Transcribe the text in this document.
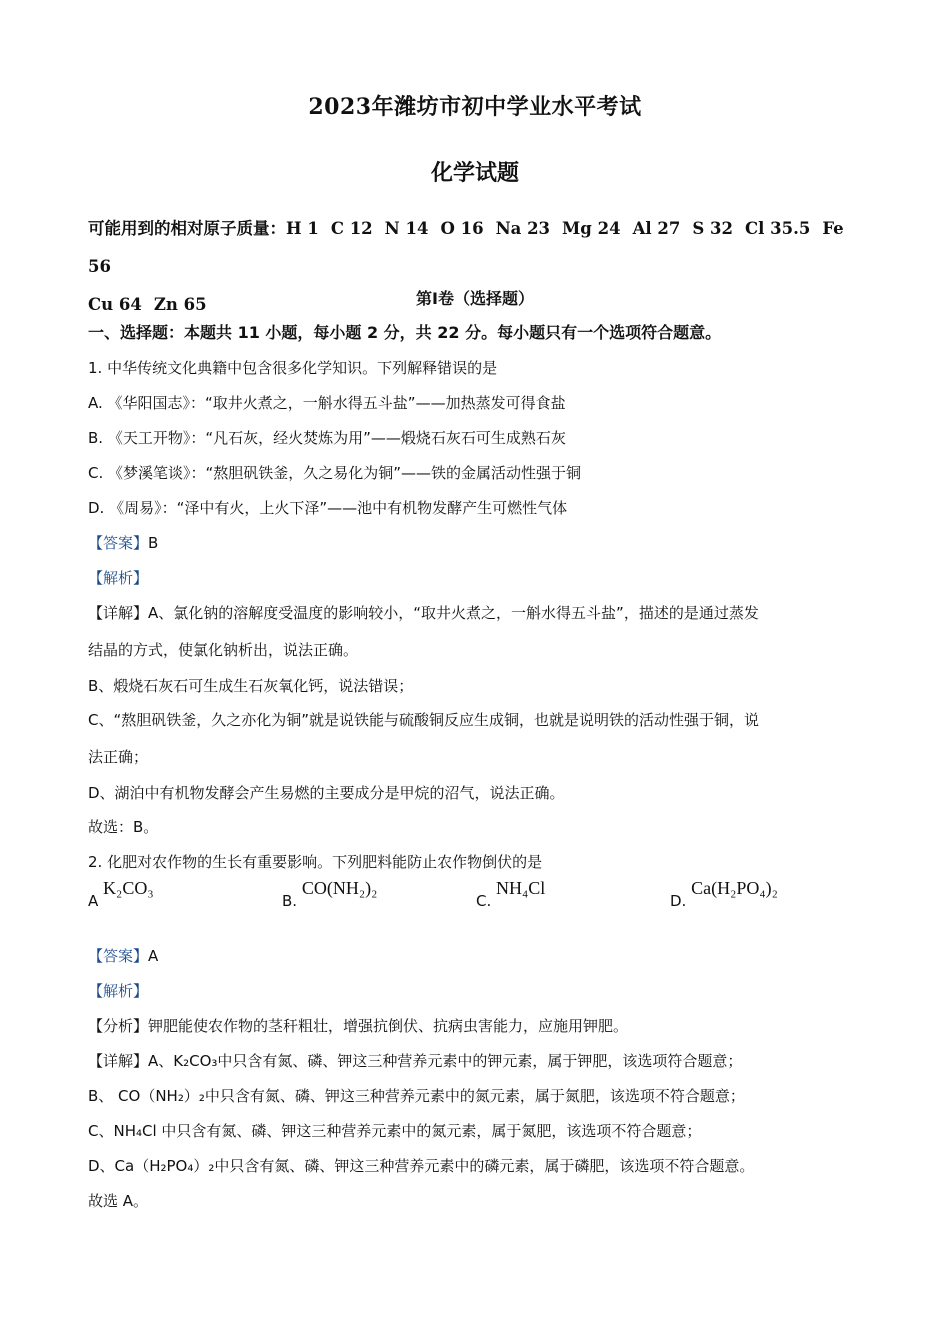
2023年潍坊市初中学业水平考试
化学试题
可能用到的相对原子质量：H 1 C 12 N 14 O 16 Na 23 Mg 24 Al 27 S 32 Cl 35.5 Fe 56
Cu 64 Zn 65	第Ⅰ卷（选择题）
一、选择题：本题共 11 小题，每小题 2 分，共 22 分。每小题只有一个选项符合题意。
1. 中华传统文化典籍中包含很多化学知识。下列解释错误的是
A. 《华阳国志》：“取井火煮之，一斛水得五斗盐”——加热蒸发可得食盐
B. 《天工开物》：“凡石灰，经火焚炼为用”——煅烧石灰石可生成熟石灰
C. 《梦溪笔谈》：“熬胆矾铁釜，久之易化为铜”——铁的金属活动性强于铜
D. 《周易》：“泽中有火，上火下泽”——池中有机物发酵产生可燃性气体
【答案】B
【解析】
【详解】A、氯化钠的溶解度受温度的影响较小，“取井火煮之，一斛水得五斗盐”，描述的是通过蒸发
结晶的方式，使氯化钠析出，说法正确。
B、煅烧石灰石可生成生石灰氧化钙，说法错误；
C、“熬胆矾铁釜，久之亦化为铜”就是说铁能与硫酸铜反应生成铜，也就是说明铁的活动性强于铜，说
法正确；
D、湖泊中有机物发酵会产生易燃的主要成分是甲烷的沼气，说法正确。
故选：B。
2. 化肥对农作物的生长有重要影响。下列肥料能防止农作物倒伏的是
A K₂CO₃
B. CO(NH₂)₂
C. NH₄Cl
D. Ca(H₂PO₄)₂
【答案】A
【解析】
【分析】钾肥能使农作物的茎秆粗壮，增强抗倒伏、抗病虫害能力，应施用钾肥。
【详解】A、K₂CO₃中只含有氮、磷、钾这三种营养元素中的钾元素，属于钾肥，该选项符合题意；
B、 CO（NH₂）₂中只含有氮、磷、钾这三种营养元素中的氮元素，属于氮肥，该选项不符合题意；
C、NH₄Cl 中只含有氮、磷、钾这三种营养元素中的氮元素，属于氮肥，该选项不符合题意；
D、Ca（H₂PO₄）₂中只含有氮、磷、钾这三种营养元素中的磷元素，属于磷肥，该选项不符合题意。
故选 A。
